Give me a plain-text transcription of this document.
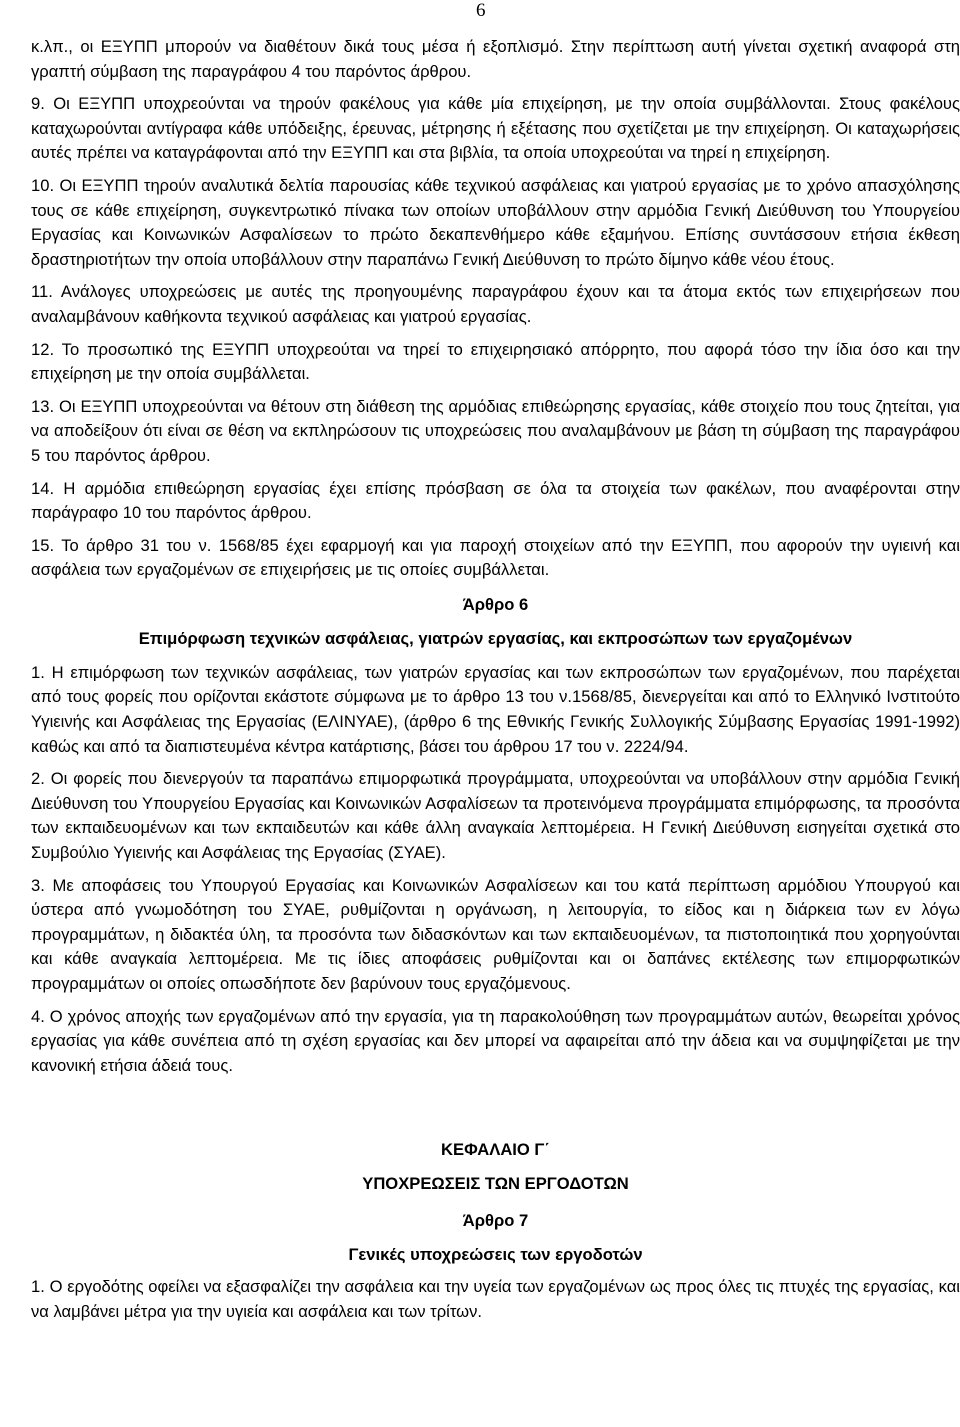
6

κ.λπ., οι ΕΞΥΠΠ μπορούν να διαθέτουν δικά τους μέσα ή εξοπλισμό. Στην περίπτωση αυτή γίνεται σχετική αναφορά στη γραπτή σύμβαση της παραγράφου 4 του παρόντος άρθρου.

9. Οι ΕΞΥΠΠ υποχρεούνται να τηρούν φακέλους για κάθε μία επιχείρηση, με την οποία συμβάλλονται. Στους φακέλους καταχωρούνται αντίγραφα κάθε υπόδειξης, έρευνας, μέτρησης ή εξέτασης που σχετίζεται με την επιχείρηση. Οι καταχωρήσεις αυτές πρέπει να καταγράφονται από την ΕΞΥΠΠ και στα βιβλία, τα οποία υποχρεούται να τηρεί η επιχείρηση.

10. Οι ΕΞΥΠΠ τηρούν αναλυτικά δελτία παρουσίας κάθε τεχνικού ασφάλειας και γιατρού εργασίας με το χρόνο απασχόλησης τους σε κάθε επιχείρηση, συγκεντρωτικό πίνακα των οποίων υποβάλλουν στην αρμόδια Γενική Διεύθυνση του Υπουργείου Εργασίας και Κοινωνικών Ασφαλίσεων το πρώτο δεκαπενθήμερο κάθε εξαμήνου. Επίσης συντάσσουν ετήσια έκθεση δραστηριοτήτων την οποία υποβάλλουν στην παραπάνω Γενική Διεύθυνση το πρώτο δίμηνο κάθε νέου έτους.

11. Ανάλογες υποχρεώσεις με αυτές της προηγουμένης παραγράφου έχουν και τα άτομα εκτός των επιχειρήσεων που αναλαμβάνουν καθήκοντα τεχνικού ασφάλειας και γιατρού εργασίας.

12. Το προσωπικό της ΕΞΥΠΠ υποχρεούται να τηρεί το επιχειρησιακό απόρρητο, που αφορά τόσο την ίδια όσο και την επιχείρηση με την οποία συμβάλλεται.

13. Οι ΕΞΥΠΠ υποχρεούνται να θέτουν στη διάθεση της αρμόδιας επιθεώρησης εργασίας, κάθε στοιχείο που τους ζητείται, για να αποδείξουν ότι είναι σε θέση να εκπληρώσουν τις υποχρεώσεις που αναλαμβάνουν με βάση τη σύμβαση της παραγράφου 5 του παρόντος άρθρου.

14. Η αρμόδια επιθεώρηση εργασίας έχει επίσης πρόσβαση σε όλα τα στοιχεία των φακέλων, που αναφέρονται στην παράγραφο 10 του παρόντος άρθρου.

15. Το άρθρο 31 του ν. 1568/85 έχει εφαρμογή και για παροχή στοιχείων από την ΕΞΥΠΠ, που αφορούν την υγιεινή και ασφάλεια των εργαζομένων σε επιχειρήσεις με τις οποίες συμβάλλεται.

Άρθρο 6
Επιμόρφωση τεχνικών ασφάλειας, γιατρών εργασίας, και εκπροσώπων των εργαζομένων

1. Η επιμόρφωση των τεχνικών ασφάλειας, των γιατρών εργασίας και των εκπροσώπων των εργαζομένων, που παρέχεται από τους φορείς που ορίζονται εκάστοτε σύμφωνα με το άρθρο 13 του ν.1568/85, διενεργείται και από το Ελληνικό Ινστιτούτο Υγιεινής και Ασφάλειας της Εργασίας (ΕΛΙΝΥΑΕ), (άρθρο 6 της Εθνικής Γενικής Συλλογικής Σύμβασης Εργασίας 1991-1992) καθώς και από τα διαπιστευμένα κέντρα κατάρτισης, βάσει του άρθρου 17 του ν. 2224/94.

2. Οι φορείς που διενεργούν τα παραπάνω επιμορφωτικά προγράμματα, υποχρεούνται να υποβάλλουν στην αρμόδια Γενική Διεύθυνση του Υπουργείου Εργασίας και Κοινωνικών Ασφαλίσεων τα προτεινόμενα προγράμματα επιμόρφωσης, τα προσόντα των εκπαιδευομένων και των εκπαιδευτών και κάθε άλλη αναγκαία λεπτομέρεια. Η Γενική Διεύθυνση εισηγείται σχετικά στο Συμβούλιο Υγιεινής και Ασφάλειας της Εργασίας (ΣΥΑΕ).

3. Με αποφάσεις του Υπουργού Εργασίας και Κοινωνικών Ασφαλίσεων και του κατά περίπτωση αρμόδιου Υπουργού και ύστερα από γνωμοδότηση του ΣΥΑΕ, ρυθμίζονται η οργάνωση, η λειτουργία, το είδος και η διάρκεια των εν λόγω προγραμμάτων, η διδακτέα ύλη, τα προσόντα των διδασκόντων και των εκπαιδευομένων, τα πιστοποιητικά που χορηγούνται και κάθε αναγκαία λεπτομέρεια. Με τις ίδιες αποφάσεις ρυθμίζονται και οι δαπάνες εκτέλεσης των επιμορφωτικών προγραμμάτων οι οποίες οπωσδήποτε δεν βαρύνουν τους εργαζόμενους.

4. Ο χρόνος αποχής των εργαζομένων από την εργασία, για τη παρακολούθηση των προγραμμάτων αυτών, θεωρείται χρόνος εργασίας για κάθε συνέπεια από τη σχέση εργασίας και δεν μπορεί να αφαιρείται από την άδεια και να συμψηφίζεται με την κανονική ετήσια άδειά τους.

ΚΕΦΑΛΑΙΟ Γ΄
ΥΠΟΧΡΕΩΣΕΙΣ ΤΩΝ ΕΡΓΟΔΟΤΩΝ
Άρθρο 7
Γενικές υποχρεώσεις των εργοδοτών

1. Ο εργοδότης οφείλει να εξασφαλίζει την ασφάλεια και την υγεία των εργαζομένων ως προς όλες τις πτυχές της εργασίας, και να λαμβάνει μέτρα για την υγιεία και ασφάλεια και των τρίτων.
